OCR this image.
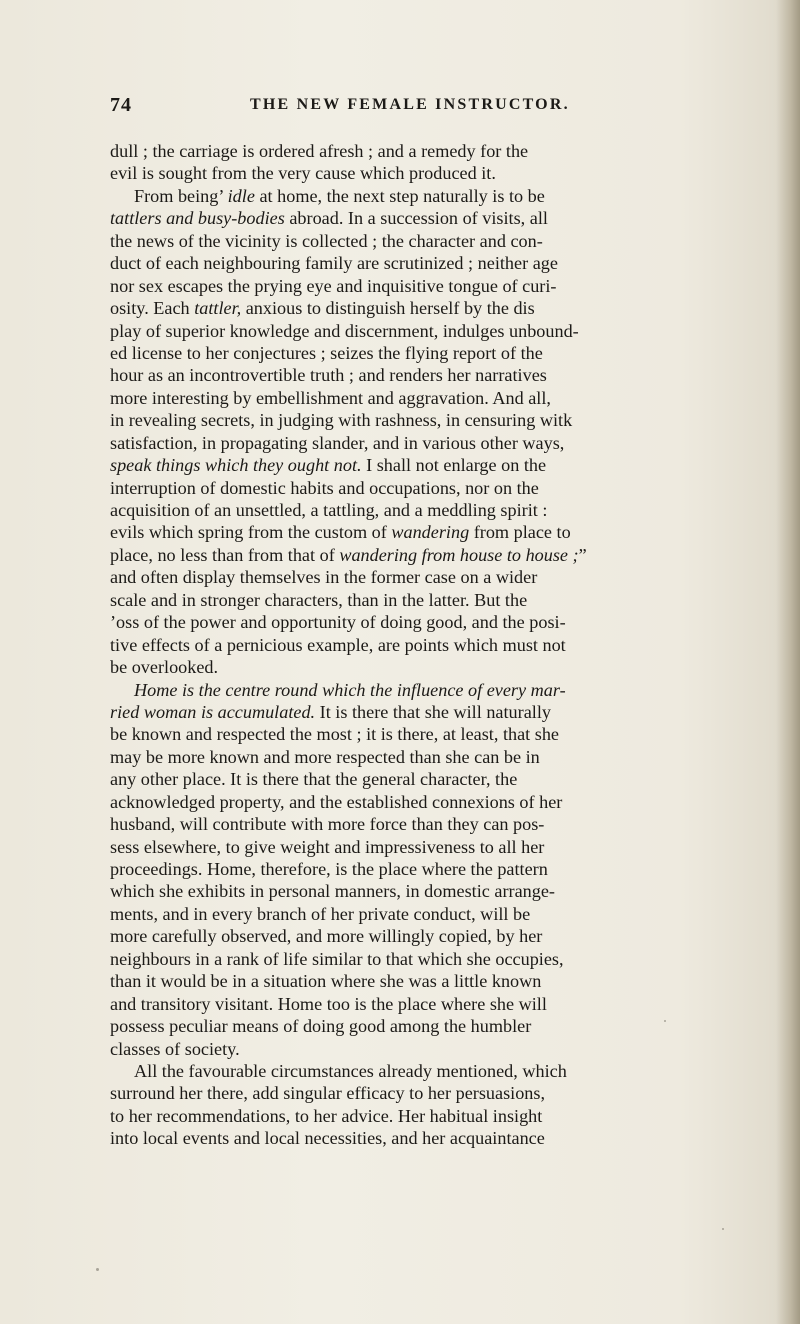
74	THE NEW FEMALE INSTRUCTOR.
dull ; the carriage is ordered afresh ; and a remedy for the
evil is sought from the very cause which produced it.
From being’ idle at home, the next step naturally is to be
tattlers and busy-bodies abroad. In a succession of visits, all
the news of the vicinity is collected ; the character and con-
duct of each neighbouring family are scrutinized ; neither age
nor sex escapes the prying eye and inquisitive tongue of curi-
osity. Each tattler, anxious to distinguish herself by the dis
play of superior knowledge and discernment, indulges unbound-
ed license to her conjectures ; seizes the flying report of the
hour as an incontrovertible truth ; and renders her narratives
more interesting by embellishment and aggravation. And all,
in revealing secrets, in judging with rashness, in censuring witk
satisfaction, in propagating slander, and in various other ways,
speak things which they ought not. I shall not enlarge on the
interruption of domestic habits and occupations, nor on the
acquisition of an unsettled, a tattling, and a meddling spirit :
evils which spring from the custom of wandering from place to
place, no less than from that of wandering from house to house ;”
and often display themselves in the former case on a wider
scale and in stronger characters, than in the latter. But the
’oss of the power and opportunity of doing good, and the posi-
tive effects of a pernicious example, are points which must not
be overlooked.
Home is the centre round which the influence of every mar-
ried woman is accumulated. It is there that she will naturally
be known and respected the most ; it is there, at least, that she
may be more known and more respected than she can be in
any other place. It is there that the general character, the
acknowledged property, and the established connexions of her
husband, will contribute with more force than they can pos-
sess elsewhere, to give weight and impressiveness to all her
proceedings. Home, therefore, is the place where the pattern
which she exhibits in personal manners, in domestic arrange-
ments, and in every branch of her private conduct, will be
more carefully observed, and more willingly copied, by her
neighbours in a rank of life similar to that which she occupies,
than it would be in a situation where she was a little known
and transitory visitant. Home too is the place where she will
possess peculiar means of doing good among the humbler
classes of society.
All the favourable circumstances already mentioned, which
surround her there, add singular efficacy to her persuasions,
to her recommendations, to her advice. Her habitual insight
into local events and local necessities, and her acquaintance
